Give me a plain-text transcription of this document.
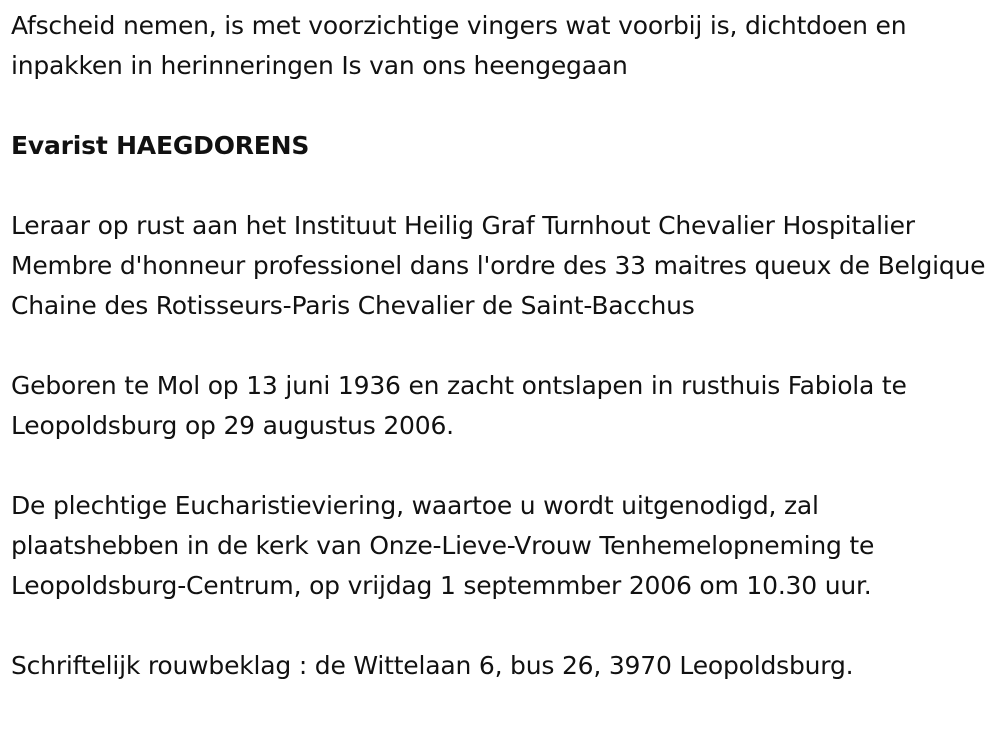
Afscheid nemen, is met voorzichtige vingers wat voorbij is, dichtdoen en inpakken in herinneringen Is van ons heengegaan

Evarist HAEGDORENS

Leraar op rust aan het Instituut Heilig Graf Turnhout Chevalier Hospitalier Membre d'honneur professionel dans l'ordre des 33 maitres queux de Belgique Chaine des Rotisseurs-Paris Chevalier de Saint-Bacchus

Geboren te Mol op 13 juni 1936 en zacht ontslapen in rusthuis Fabiola te Leopoldsburg op 29 augustus 2006.

De plechtige Eucharistieviering, waartoe u wordt uitgenodigd, zal plaatshebben in de kerk van Onze-Lieve-Vrouw Tenhemelopneming te Leopoldsburg-Centrum, op vrijdag 1 septemmber 2006 om 10.30 uur.

Schriftelijk rouwbeklag : de Wittelaan 6, bus 26, 3970 Leopoldsburg.
